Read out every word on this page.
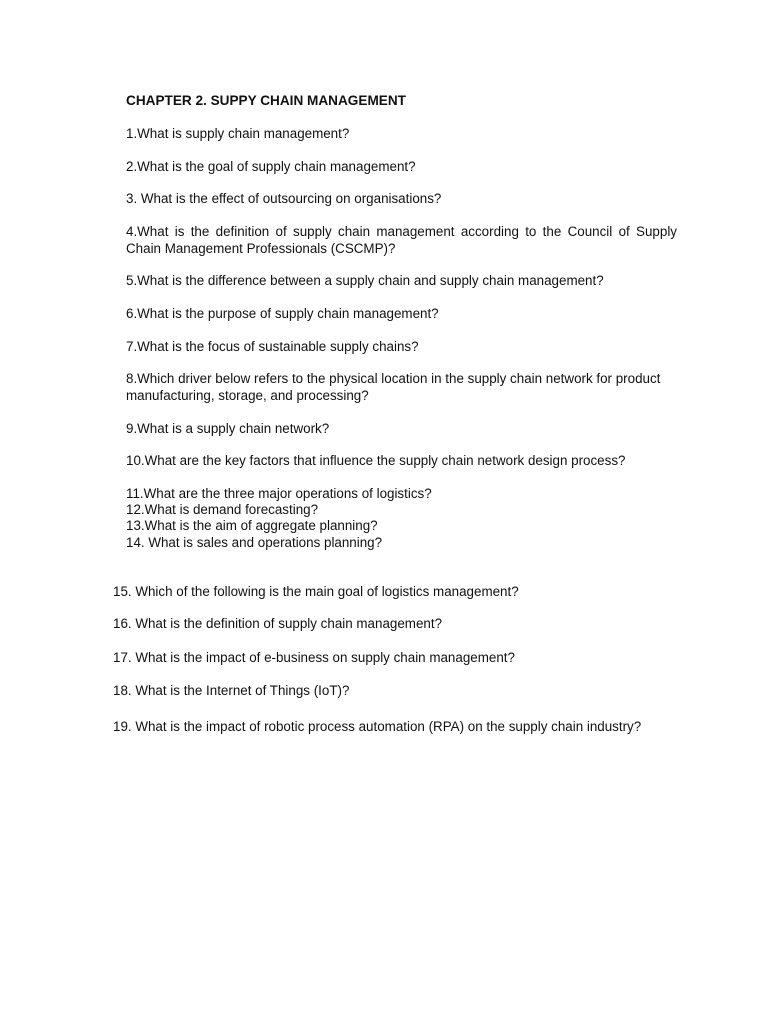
CHAPTER 2. SUPPY CHAIN MANAGEMENT
1.What is supply chain management?
2.What is the goal of supply chain management?
3. What is the effect of outsourcing on organisations?
4.What is the definition of supply chain management according to the Council of Supply Chain Management Professionals (CSCMP)?
5.What is the difference between a supply chain and supply chain management?
6.What is the purpose of supply chain management?
7.What is the focus of sustainable supply chains?
8.Which driver below refers to the physical location in the supply chain network for product manufacturing, storage, and processing?
9.What is a supply chain network?
10.What are the key factors that influence the supply chain network design process?
11.What are the three major operations of logistics?
12.What is demand forecasting?
13.What is the aim of aggregate planning?
14. What is sales and operations planning?
15. Which of the following is the main goal of logistics management?
16. What is the definition of supply chain management?
17. What is the impact of e-business on supply chain management?
18. What is the Internet of Things (IoT)?
19. What is the impact of robotic process automation (RPA) on the supply chain industry?
